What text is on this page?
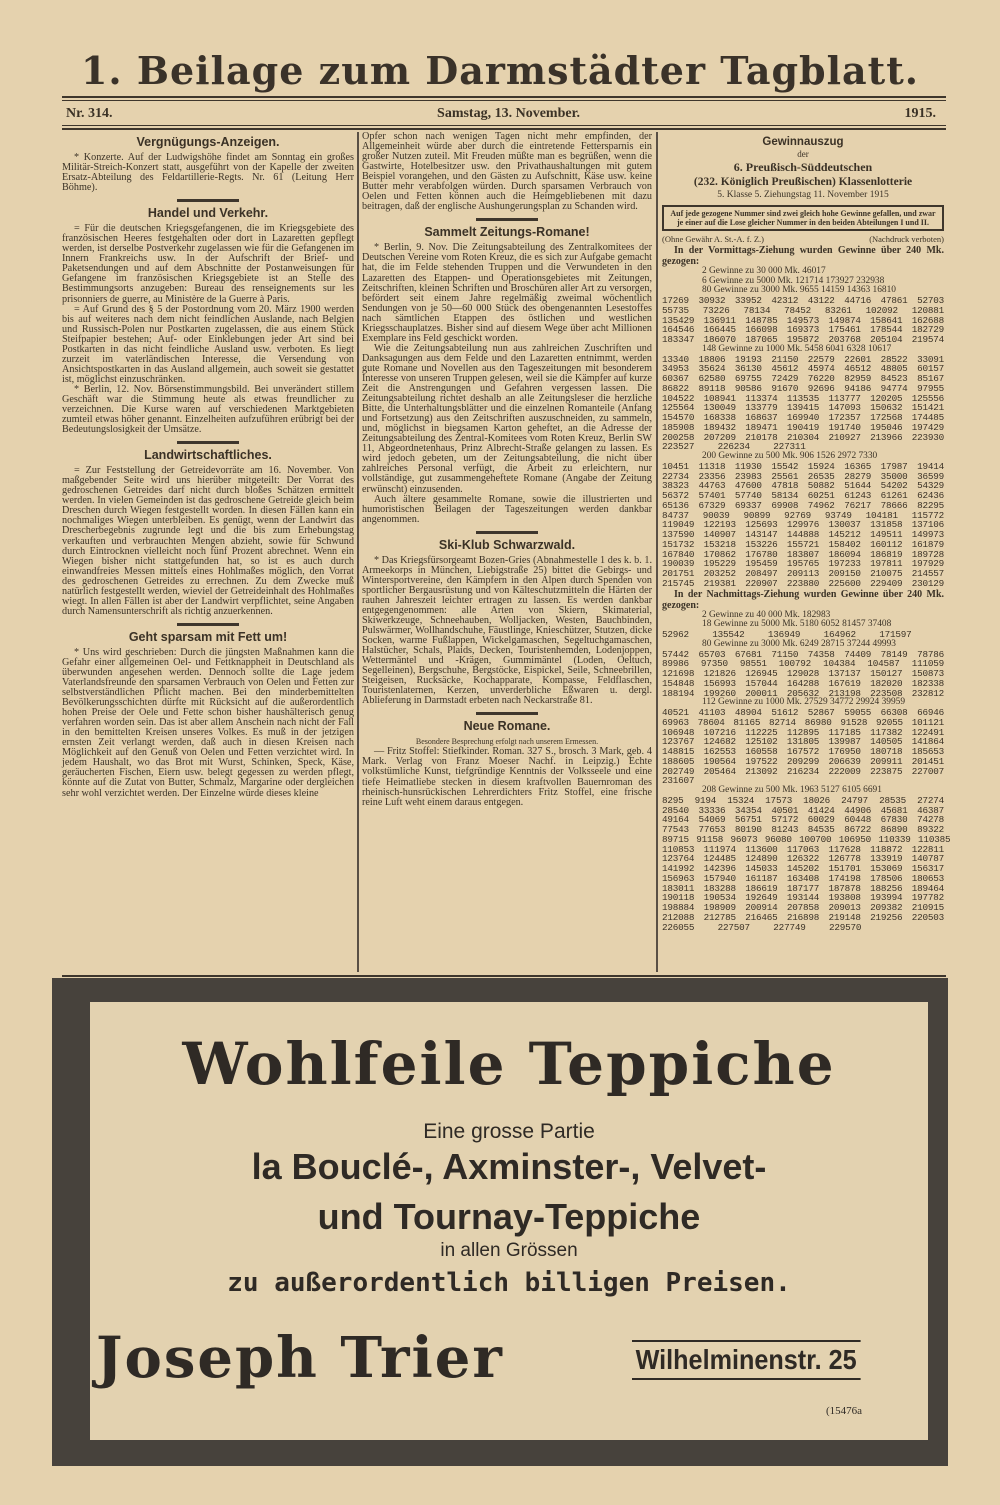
1. Beilage zum Darmstädter Tagblatt.
Nr. 314.	Samstag, 13. November.	1915.
Vergnügungs-Anzeigen.

* Konzerte. Auf der Ludwigshöhe findet am Sonntag ein großes Militär-Streich-Konzert statt, ausgeführt von der Kapelle der zweiten Ersatz-Abteilung des Feldartillerie-Regts. Nr. 61 (Leitung Herr Böhme).

Handel und Verkehr.

= Für die deutschen Kriegsgefangenen, die im Kriegsgebiete des französischen Heeres festgehalten oder dort in Lazaretten gepflegt werden, ist derselbe Postverkehr zugelassen wie für die Gefangenen im Innern Frankreichs usw. In der Aufschrift der Brief- und Paketsendungen und auf dem Abschnitte der Postanweisungen für Gefangene im französischen Kriegsgebiete ist an Stelle des Bestimmungsorts anzugeben: Bureau des renseignements sur les prisonniers de guerre, au Ministère de la Guerre à Paris.

= Auf Grund des § 5 der Postordnung vom 20. März 1900 werden bis auf weiteres nach dem nicht feindlichen Auslande, nach Belgien und Russisch-Polen nur Postkarten zugelassen, die aus einem Stück Steifpapier bestehen; Auf- oder Einklebungen jeder Art sind bei Postkarten in das nicht feindliche Ausland usw. verboten. Es liegt zurzeit im vaterländischen Interesse, die Versendung von Ansichtspostkarten in das Ausland allgemein, auch soweit sie gestattet ist, möglichst einzuschränken.

* Berlin, 12. Nov. Börsenstimmungsbild. Bei unverändert stillem Geschäft war die Stimmung heute als etwas freundlicher zu verzeichnen. Die Kurse waren auf verschiedenen Marktgebieten zumteil etwas höher genannt. Einzelheiten aufzuführen erübrigt bei der Bedeutungslosigkeit der Umsätze.

Landwirtschaftliches.

= Zur Feststellung der Getreidevorräte am 16. November. Von maßgebender Seite wird uns hierüber mitgeteilt: Der Vorrat des gedroschenen Getreides darf nicht durch bloßes Schätzen ermittelt werden. In vielen Gemeinden ist das gedroschene Getreide gleich beim Dreschen durch Wiegen festgestellt worden. In diesen Fällen kann ein nochmaliges Wiegen unterbleiben. Es genügt, wenn der Landwirt das Drescherbegebnis zugrunde legt und die bis zum Erhebungstag verkauften und verbrauchten Mengen abzieht, sowie für Schwund durch Eintrocknen vielleicht noch fünf Prozent abrechnet. Wenn ein Wiegen bisher nicht stattgefunden hat, so ist es auch durch einwandfreies Messen mittels eines Hohlmaßes möglich, den Vorrat des gedroschenen Getreides zu errechnen. Zu dem Zwecke muß natürlich festgestellt werden, wieviel der Getreideinhalt des Hohlmaßes wiegt. In allen Fällen ist aber der Landwirt verpflichtet, seine Angaben durch Namensunterschrift als richtig anzuerkennen.

Geht sparsam mit Fett um!

* Uns wird geschrieben: Durch die jüngsten Maßnahmen kann die Gefahr einer allgemeinen Oel- und Fettknappheit in Deutschland als überwunden angesehen werden. Dennoch sollte die Lage jedem Vaterlandsfreunde den sparsamen Verbrauch von Oelen und Fetten zur selbstverständlichen Pflicht machen. Bei den minderbemittelten Bevölkerungsschichten dürfte mit Rücksicht auf die außerordentlich hohen Preise der Oele und Fette schon bisher haushälterisch genug verfahren worden sein. Das ist aber allem Anschein nach nicht der Fall in den bemittelten Kreisen unseres Volkes. Es muß in der jetzigen ernsten Zeit verlangt werden, daß auch in diesen Kreisen nach Möglichkeit auf den Genuß von Oelen und Fetten verzichtet wird. In jedem Haushalt, wo das Brot mit Wurst, Schinken, Speck, Käse, geräucherten Fischen, Eiern usw. belegt gegessen zu werden pflegt, könnte auf die Zutat von Butter, Schmalz, Margarine oder dergleichen sehr wohl verzichtet werden. Der Einzelne würde dieses kleine

Opfer schon nach wenigen Tagen nicht mehr empfinden, der Allgemeinheit würde aber durch die eintretende Fettersparnis ein großer Nutzen zuteil. Mit Freuden müßte man es begrüßen, wenn die Gastwirte, Hotelbesitzer usw. den Privathaushaltungen mit gutem Beispiel vorangehen, und den Gästen zu Aufschnitt, Käse usw. keine Butter mehr verabfolgen würden. Durch sparsamen Verbrauch von Oelen und Fetten können auch die Heimgebliebenen mit dazu beitragen, daß der englische Aushungerungsplan zu Schanden wird.

Sammelt Zeitungs-Romane!

* Berlin, 9. Nov. Die Zeitungsabteilung des Zentralkomitees der Deutschen Vereine vom Roten Kreuz, die es sich zur Aufgabe gemacht hat, die im Felde stehenden Truppen und die Verwundeten in den Lazaretten des Etappen- und Operationsgebietes mit Zeitungen, Zeitschriften, kleinen Schriften und Broschüren aller Art zu versorgen, befördert seit einem Jahre regelmäßig zweimal wöchentlich Sendungen von je 50—60 000 Stück des obengenannten Lesestoffes nach sämtlichen Etappen des östlichen und westlichen Kriegsschauplatzes. Bisher sind auf diesem Wege über acht Millionen Exemplare ins Feld geschickt worden.

Wie die Zeitungsabteilung nun aus zahlreichen Zuschriften und Danksagungen aus dem Felde und den Lazaretten entnimmt, werden gute Romane und Novellen aus den Tageszeitungen mit besonderem Interesse von unseren Truppen gelesen, weil sie die Kämpfer auf kurze Zeit die Anstrengungen und Gefahren vergessen lassen. Die Zeitungsabteilung richtet deshalb an alle Zeitungsleser die herzliche Bitte, die Unterhaltungsblätter und die einzelnen Romanteile (Anfang und Fortsetzung) aus den Zeitschriften auszuschneiden, zu sammeln, und, möglichst in biegsamen Karton geheftet, an die Adresse der Zeitungsabteilung des Zentral-Komitees vom Roten Kreuz, Berlin SW 11, Abgeordnetenhaus, Prinz Albrecht-Straße gelangen zu lassen. Es wird jedoch gebeten, um der Zeitungsabteilung, die nicht über zahlreiches Personal verfügt, die Arbeit zu erleichtern, nur vollständige, gut zusammengeheftete Romane (Angabe der Zeitung erwünscht) einzusenden.

Auch ältere gesammelte Romane, sowie die illustrierten und humoristischen Beilagen der Tageszeitungen werden dankbar angenommen.

Ski-Klub Schwarzwald.

* Das Kriegsfürsorgeamt Bozen-Gries (Abnahmestelle 1 des k. b. 1. Armeekorps in München, Liebigstraße 25) bittet die Gebirgs- und Wintersportvereine, den Kämpfern in den Alpen durch Spenden von sportlicher Bergausrüstung und von Kälteschutzmitteln die Härten der rauhen Jahreszeit leichter ertragen zu lassen. Es werden dankbar entgegengenommen: alle Arten von Skiern, Skimaterial, Skiwerkzeuge, Schneehauben, Wolljacken, Westen, Bauchbinden, Pulswärmer, Wollhandschuhe, Fäustlinge, Knieschützer, Stutzen, dicke Socken, warme Fußlappen, Wickelgamaschen, Segeltuchgamaschen, Halstücher, Schals, Plaids, Decken, Touristenhemden, Lodenjoppen, Wettermäntel und -Krägen, Gummimäntel (Loden, Oeltuch, Segelleinen), Bergschuhe, Bergstöcke, Eispickel, Seile, Schneebrillen, Steigeisen, Rucksäcke, Kochapparate, Kompasse, Feldflaschen, Touristenlaternen, Kerzen, unverderbliche Eßwaren u. dergl. Ablieferung in Darmstadt erbeten nach Neckarstraße 81.

Neue Romane.
Besondere Besprechung erfolgt nach unserem Ermessen.

— Fritz Stoffel: Stiefkinder. Roman. 327 S., brosch. 3 Mark, geb. 4 Mark. Verlag von Franz Moeser Nachf. in Leipzig.) Echte volkstümliche Kunst, tiefgründige Kenntnis der Volksseele und eine tiefe Heimatliebe stecken in diesem kraftvollen Bauernroman des rheinisch-hunsrückischen Lehrerdichters Fritz Stoffel, eine frische reine Luft weht einem daraus entgegen.

Gewinnauszug
der
6. Preußisch-Süddeutschen
(232. Königlich Preußischen) Klassenlotterie
5. Klasse 5. Ziehungstag 11. November 1915
Auf jede gezogene Nummer sind zwei gleich hohe Gewinne gefallen, und zwar je einer auf die Lose gleicher Nummer in den beiden Abteilungen I und II.
(Ohne Gewähr A. St.-A. f. Z.)	(Nachdruck verboten)

In der Vormittags-Ziehung wurden Gewinne über 240 Mk. gezogen:

2 Gewinne zu 30 000 Mk. 46017
6 Gewinne zu 5000 Mk. 121714 173927 232938
80 Gewinne zu 3000 Mk. 9655 14159 14363 16810
17269 30932 33952 42312 43122 44716 47861 52703
55735 73226 78134 78452 83261 102092 120881
135429 136911 148785 149573 149874 158641 162688
164546 166445 166098 169373 175461 178544 182729
183347 186070 187065 195872 203768 205104 219574
148 Gewinne zu 1000 Mk. 5458 6041 6328 10617
13340 18806 19193 21150 22579 22601 28522 33091
34953 35624 36130 45612 45974 46512 48805 60157
60367 62580 69755 72429 76220 82959 84523 85167
86822 89118 90586 91670 92696 94186 94774 97955
104522 108941 113374 113535 113777 120205 125556
125564 130049 133779 139415 147093 150632 151421
154570 168338 168637 169940 172357 172568 174485
185908 189432 189471 190419 191740 195046 197429
200258 207209 210178 210304 210927 213966 223930
223527 226234 227311
200 Gewinne zu 500 Mk. 906 1526 2972 7330
10451 11318 11930 15542 15924 16365 17987 19414
22734 23356 23983 25561 26535 28279 35000 36599
38323 44763 47600 47818 50882 51644 54202 54329
56372 57401 57740 58134 60251 61243 61261 62436
65136 67329 69337 69908 74962 76217 78666 82295
84737 90039 90899 92769 93749 104181 115772
119049 122193 125693 129976 130037 131858 137106
137590 140907 143147 144888 145212 149511 149973
151732 153218 153226 155721 158402 160112 161879
167840 170862 176780 183807 186094 186819 189728
190039 195229 195459 195765 197233 197811 197929
201751 203252 208497 209113 209150 210075 214557
215745 219381 220907 223880 225600 229409 230129

In der Nachmittags-Ziehung wurden Gewinne über 240 Mk. gezogen:

2 Gewinne zu 40 000 Mk. 182983
18 Gewinne zu 5000 Mk. 5180 6052 81457 37408
52962 135542 136949 164962 171597
80 Gewinne zu 3000 Mk. 6249 28715 37244 49993
57442 65703 67681 71150 74358 74409 78149 78786
89986 97350 98551 100792 104384 104587 111059
121698 121826 126945 129028 137137 150127 150873
154848 156993 157044 164288 167619 182020 182338
188194 199260 200011 205632 213198 223508 232812
112 Gewinne zu 1000 Mk. 27529 34772 29924 39959
40521 41103 48904 51612 52867 59055 66308 66946
69963 78604 81165 82714 86980 91528 92055 101121
106948 107216 112225 112895 117185 117382 122491
123767 124682 125102 131805 139987 140505 141864
148815 162553 160558 167572 176950 180718 185653
188605 190564 197522 209299 206639 209911 201451
202749 205464 213092 216234 222009 223875 227007
231607
208 Gewinne zu 500 Mk. 1963 5127 6105 6691
8295 9194 15324 17573 18026 24797 28535 27274
28540 33336 34354 40501 41424 44906 45681 46387
49164 54069 56751 57172 60029 60448 67830 74278
77543 77653 80190 81243 84535 86722 86890 89322
89715 91158 96073 96080 100700 106950 110339 110385
110853 111974 113600 117063 117628 118872 122811
123764 124485 124890 126322 126778 133919 140787
141992 142396 145033 145202 151701 153069 156317
156963 157940 161187 163408 174198 178506 180653
183011 183288 186619 187177 187878 188256 189464
190118 190534 192649 193144 193808 193994 197782
198884 198909 200914 207858 209013 209382 210915
212088 212785 216465 216898 219148 219256 220503
226055 227507 227749 229570
Wohlfeile Teppiche
Eine grosse Partie
la Bouclé-, Axminster-, Velvet-
und Tournay-Teppiche
in allen Grössen
zu außerordentlich billigen Preisen.
Joseph Trier	Wilhelminenstr. 25
(15476a
